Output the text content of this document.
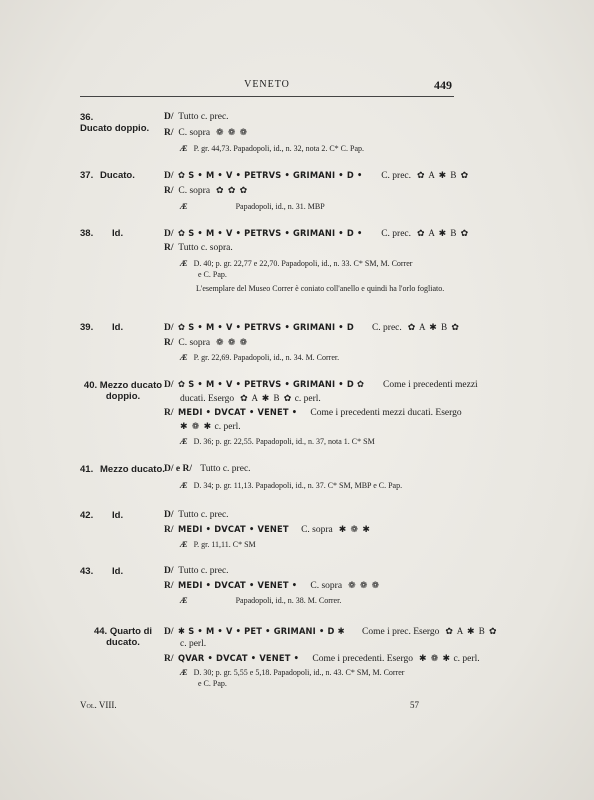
VENETO	449
36.Ducato doppio.
D/ Tutto c. prec.
R/ C. sopra ❁ ❁ ❁
Æ P. gr. 44,73. Papadopoli, id., n. 32, nota 2. C* C. Pap.
37. Ducato.	D/ ✿ S • M • V • PETRVS • GRIMANI • D • C. prec. ✿ A ✱ B ✿
R/ C. sopra ✿ ✿ ✿
Æ	Papadopoli, id., n. 31. MBP
38. Id.	D/ ✿ S • M • V • PETRVS • GRIMANI • D • C. prec. ✿ A ✱ B ✿
R/ Tutto c. sopra.
Æ D. 40; p. gr. 22,77 e 22,70. Papadopoli, id., n. 33. C* SM, M. Correr
e C. Pap.
L'esemplare del Museo Correr è coniato coll'anello e quindi ha l'orlo fogliato.
39. Id.	D/ ✿ S • M • V • PETRVS • GRIMANI • D C. prec. ✿ A ✱ B ✿
R/ C. sopra ❁ ❁ ❁
Æ P. gr. 22,69. Papadopoli, id., n. 34. M. Correr.
40. Mezzo ducato doppio.
D/ ✿ S • M • V • PETRVS • GRIMANI • D ✿ Come i precedenti mezzi
ducati. Esergo ✿ A ✱ B ✿ c. perl.
R/ MEDI • DVCAT • VENET • Come i precedenti mezzi ducati. Esergo
✱ ❁ ✱ c. perl.
Æ D. 36; p. gr. 22,55. Papadopoli, id., n. 37, nota 1. C* SM
41. Mezzo ducato. D/ e R/ Tutto c. prec.
Æ D. 34; p. gr. 11,13. Papadopoli, id., n. 37. C* SM, MBP e C. Pap.
42. Id.	D/ Tutto c. prec.
R/ MEDI • DVCAT • VENET C. sopra ✱ ❁ ✱
Æ P. gr. 11,11. C* SM
43. Id.	D/ Tutto c. prec.
R/ MEDI • DVCAT • VENET • C. sopra ❁ ❁ ❁
Æ	Papadopoli, id., n. 38. M. Correr.
44. Quarto di ducato.
D/ ✱ S • M • V • PET • GRIMANI • D ✱ Come i prec. Esergo ✿ A ✱ B ✿
c. perl.
R/ QVAR • DVCAT • VENET • Come i precedenti. Esergo ✱ ❁ ✱ c. perl.
Æ D. 30; p. gr. 5,55 e 5,18. Papadopoli, id., n. 43. C* SM, M. Correr
e C. Pap.
Vol. VIII.	57
